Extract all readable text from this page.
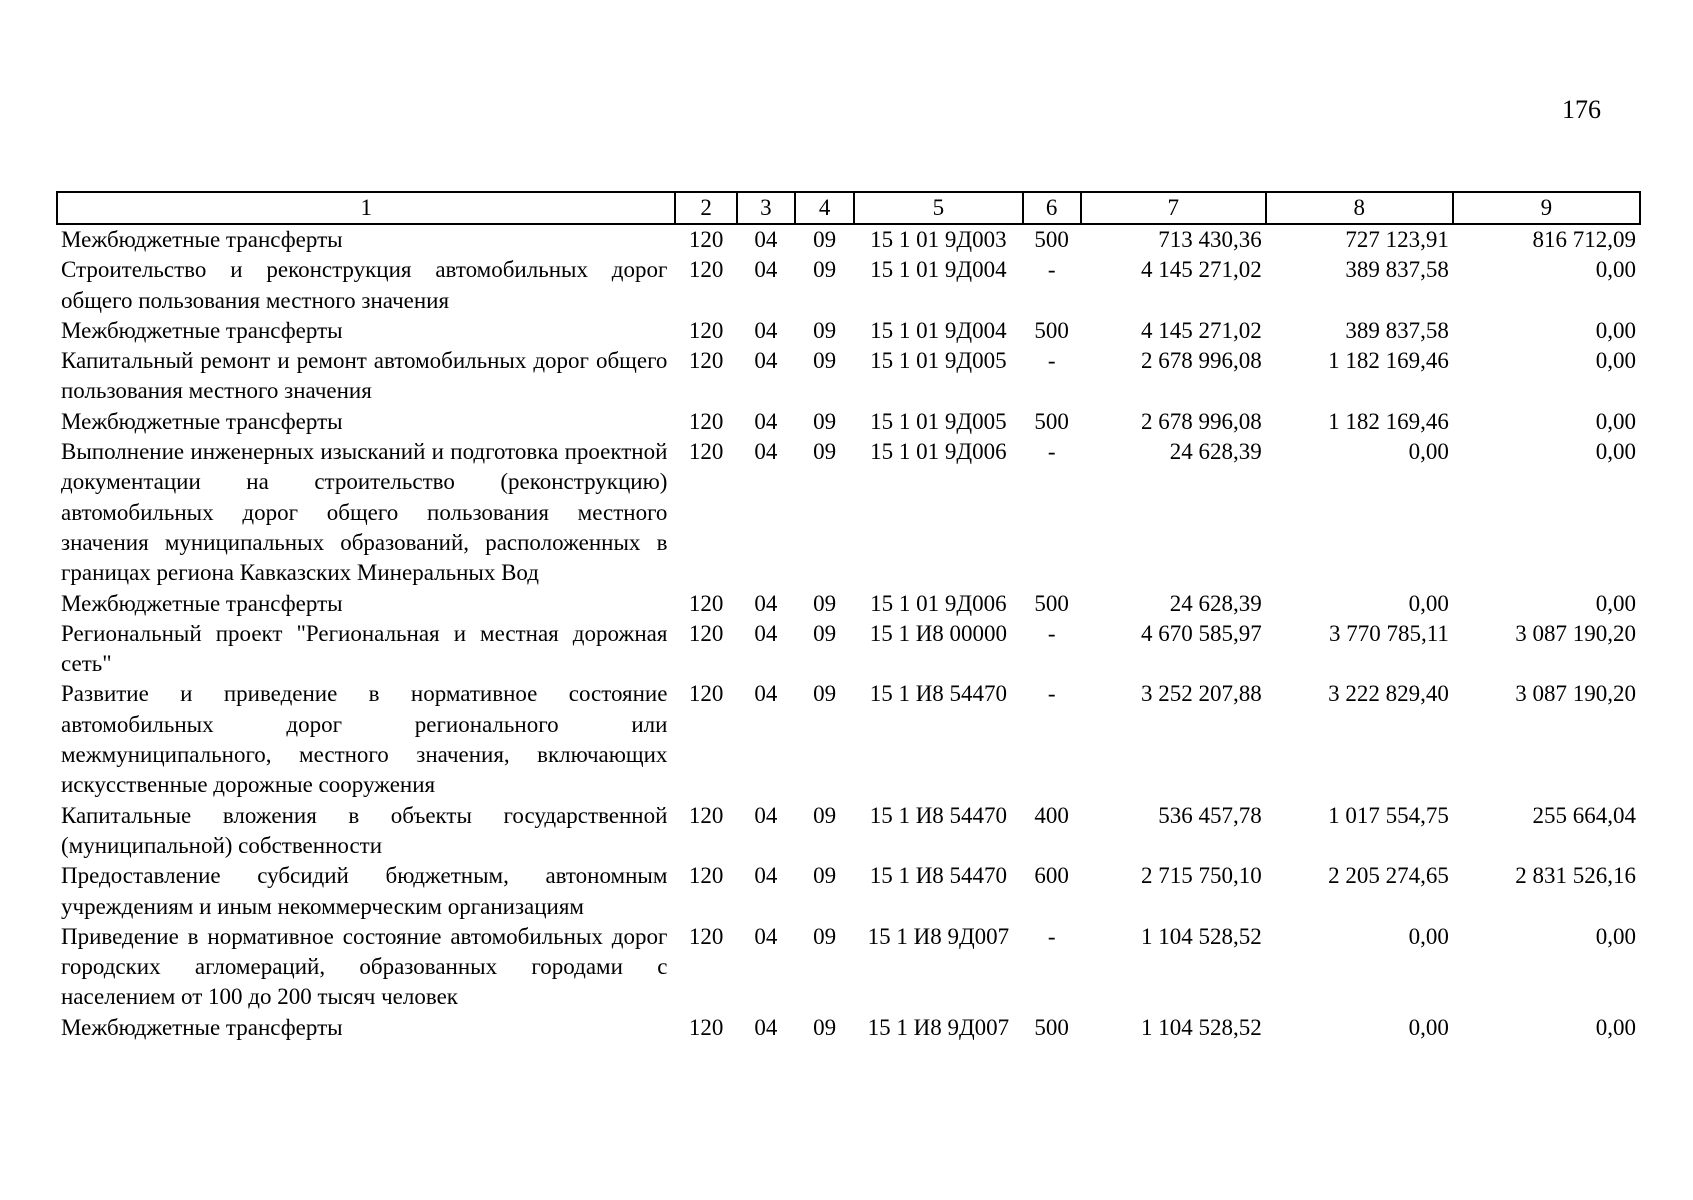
176
1	2	3	4	5	6	7	8	9
Межбюджетные трансферты	120	04	09	15 1 01 9Д003	500	713 430,36	727 123,91	816 712,09
Строительство и реконструкция автомобильных дорог общего пользования местного значения	120	04	09	15 1 01 9Д004	-	4 145 271,02	389 837,58	0,00
Межбюджетные трансферты	120	04	09	15 1 01 9Д004	500	4 145 271,02	389 837,58	0,00
Капитальный ремонт и ремонт автомобильных дорог общего пользования местного значения	120	04	09	15 1 01 9Д005	-	2 678 996,08	1 182 169,46	0,00
Межбюджетные трансферты	120	04	09	15 1 01 9Д005	500	2 678 996,08	1 182 169,46	0,00
Выполнение инженерных изысканий и подготовка проектной документации на строительство (реконструкцию) автомобильных дорог общего пользования местного значения муниципальных образований, расположенных в границах региона Кавказских Минеральных Вод	120	04	09	15 1 01 9Д006	-	24 628,39	0,00	0,00
Межбюджетные трансферты	120	04	09	15 1 01 9Д006	500	24 628,39	0,00	0,00
Региональный проект "Региональная и местная дорожная сеть"	120	04	09	15 1 И8 00000	-	4 670 585,97	3 770 785,11	3 087 190,20
Развитие и приведение в нормативное состояние автомобильных дорог регионального или межмуниципального, местного значения, включающих искусственные дорожные сооружения	120	04	09	15 1 И8 54470	-	3 252 207,88	3 222 829,40	3 087 190,20
Капитальные вложения в объекты государственной (муниципальной) собственности	120	04	09	15 1 И8 54470	400	536 457,78	1 017 554,75	255 664,04
Предоставление субсидий бюджетным, автономным учреждениям и иным некоммерческим организациям	120	04	09	15 1 И8 54470	600	2 715 750,10	2 205 274,65	2 831 526,16
Приведение в нормативное состояние автомобильных дорог городских агломераций, образованных городами с населением от 100 до 200 тысяч человек	120	04	09	15 1 И8 9Д007	-	1 104 528,52	0,00	0,00
Межбюджетные трансферты	120	04	09	15 1 И8 9Д007	500	1 104 528,52	0,00	0,00
